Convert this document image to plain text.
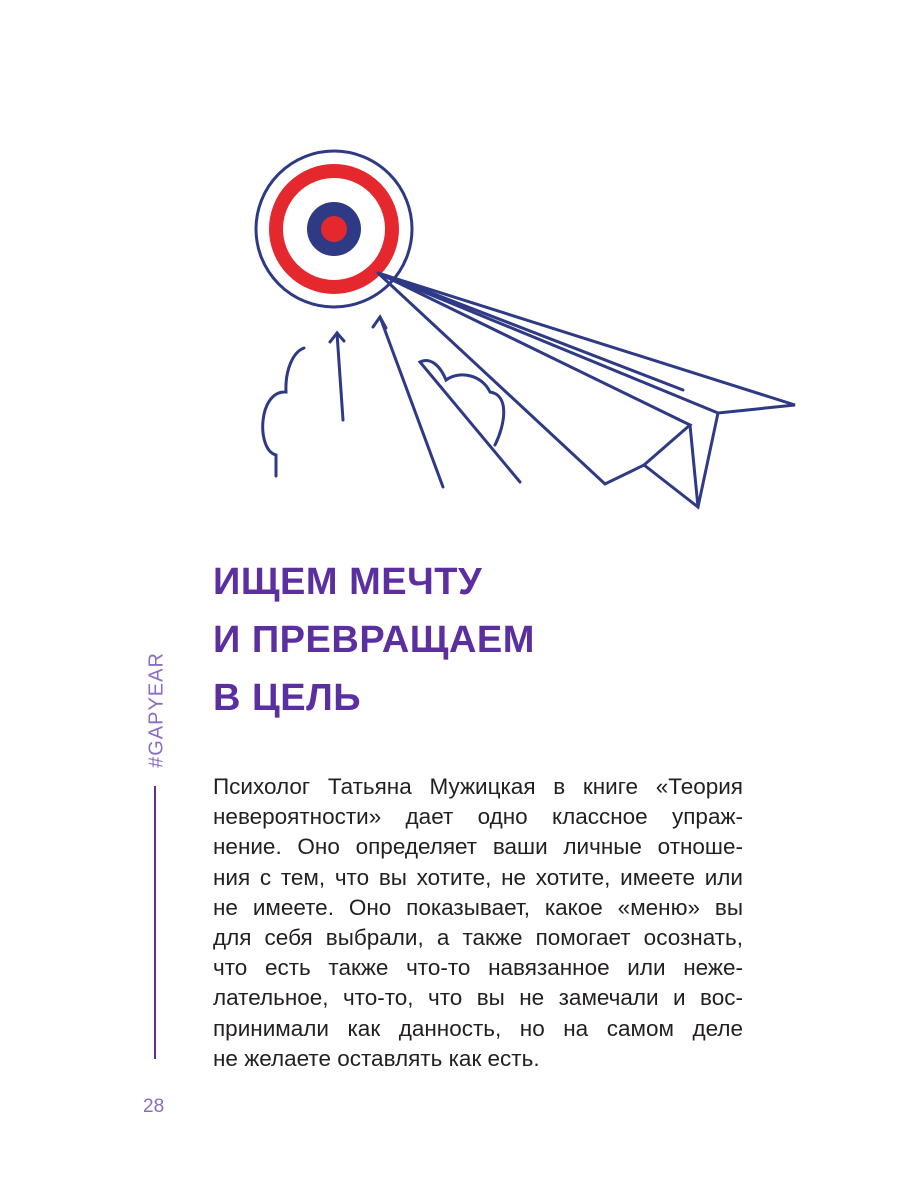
ИЩЕМ МЕЧТУ
И ПРЕВРАЩАЕМ
В ЦЕЛЬ
#GAPYEAR
28
Психолог Татьяна Мужицкая в книге «Теория
невероятности» дает одно классное упраж-
нение. Оно определяет ваши личные отноше-
ния с тем, что вы хотите, не хотите, имеете или
не имеете. Оно показывает, какое «меню» вы
для себя выбрали, а также помогает осознать,
что есть также что-то навязанное или неже-
лательное, что-то, что вы не замечали и вос-
принимали как данность, но на самом деле
не желаете оставлять как есть.
